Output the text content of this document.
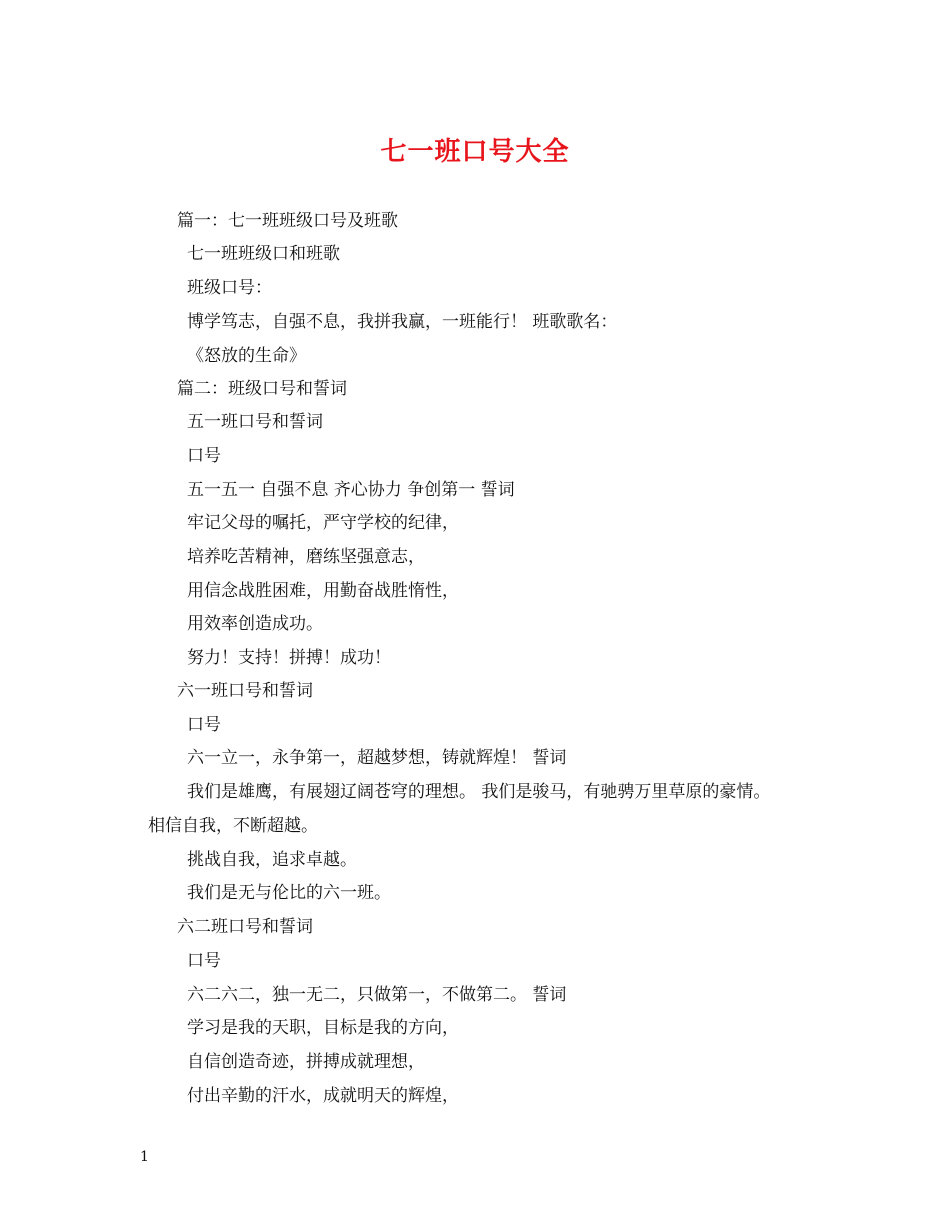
七一班口号大全
篇一：七一班班级口号及班歌
七一班班级口和班歌
班级口号：
博学笃志，自强不息，我拼我赢，一班能行！ 班歌歌名：
《怒放的生命》
篇二：班级口号和誓词
五一班口号和誓词
口号
五一五一 自强不息 齐心协力 争创第一 誓词
牢记父母的嘱托，严守学校的纪律，
培养吃苦精神，磨练坚强意志，
用信念战胜困难，用勤奋战胜惰性，
用效率创造成功。
努力！支持！拼搏！成功！
六一班口号和誓词
口号
六一立一，永争第一，超越梦想，铸就辉煌！ 誓词
我们是雄鹰，有展翅辽阔苍穹的理想。 我们是骏马，有驰骋万里草原的豪情。
相信自我，不断超越。
挑战自我，追求卓越。
我们是无与伦比的六一班。
六二班口号和誓词
口号
六二六二，独一无二，只做第一，不做第二。 誓词
学习是我的天职，目标是我的方向，
自信创造奇迹，拼搏成就理想，
付出辛勤的汗水，成就明天的辉煌，
1
